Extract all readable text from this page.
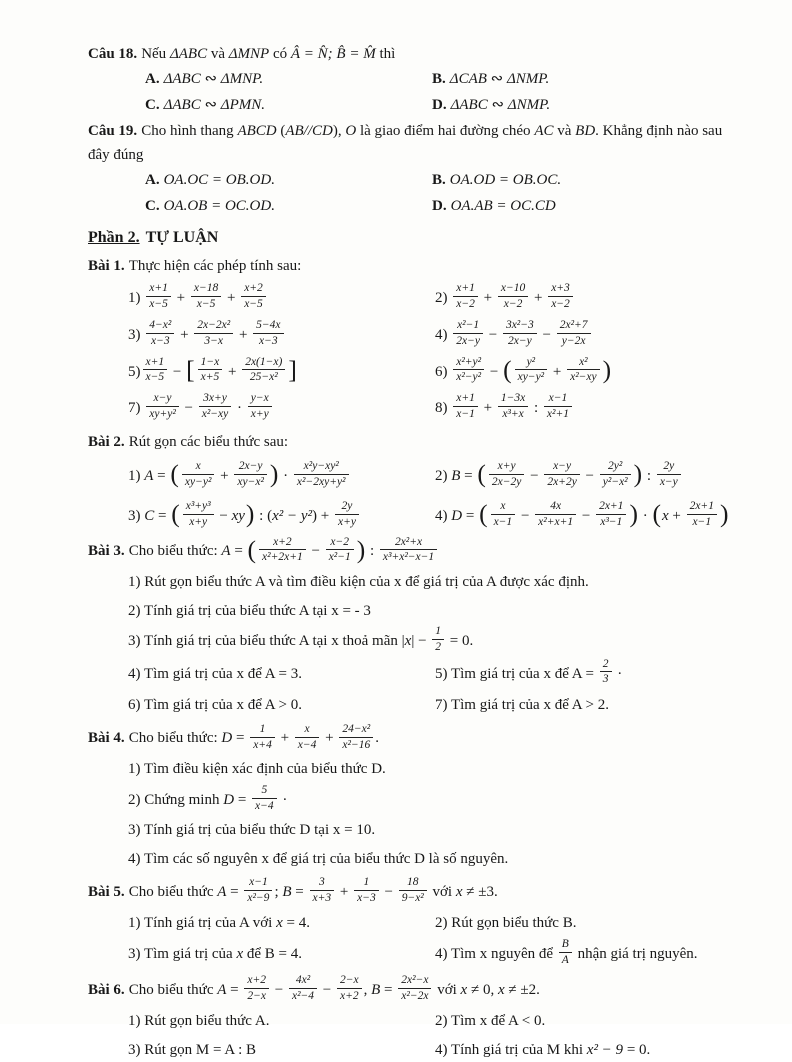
Câu 18. Nếu ΔABC và ΔMNP có Â = N̂; B̂ = M̂ thì

A. ΔABC ∾ ΔMNP.	B. ΔCAB ∾ ΔNMP.

C. ΔABC ∾ ΔPMN.	D. ΔABC ∾ ΔNMP.

Câu 19. Cho hình thang ABCD (AB//CD), O là giao điểm hai đường chéo AC và BD. Khẳng định nào sau đây đúng

A. OA.OC = OB.OD.	B. OA.OD = OB.OC.

C. OA.OB = OC.OD.	D. OA.AB = OC.CD

Phần 2. TỰ LUẬN

Bài 1. Thực hiện các phép tính sau:

$1) \frac{x+1}{x-5} + \frac{x-18}{x-5} + \frac{x+2}{x-5}$	$2) \frac{x+1}{x-2} + \frac{x-10}{x-2} + \frac{x+3}{x-2}$

$3) \frac{\text{4−x²}}{x-3} + \frac{\text{2x−2x²}}{3-x} + \frac{5-4x}{x-3}$	$4) \frac{\text{x²−1}}{2x-y} - \frac{\text{3x²−3}}{2x-y} - \frac{\text{2x²+7}}{y-2x}$

$5) \frac{x+1}{x-5}$ − [ $\frac{1-x}{x+5} + \frac{2x(1-x)}{\text{25−x²}}$ ]	$6) \frac{\text{x²+y²}}{\text{x²−y²}}$ − ( $\frac{\text{y²}}{\text{xy−y²}} + \frac{\text{x²}}{\text{x²−xy}}$ )

$7) \frac{x-y}{\text{xy+y²}} - \frac{3x+y}{\text{x²−xy}} \cdot \frac{y-x}{x+y}$	$8) \frac{x+1}{x-1} + \frac{1-3x}{\text{x³+x}}$ : $\frac{x-1}{\text{x²+1}}$

Bài 2. Rút gọn các biểu thức sau:

1) A = ( $\frac{x}{\text{xy−y²}} + \frac{2x-y}{\text{xy−x²}}$ ) · $\frac{\text{x²y−xy²}}{\text{x²−2xy+y²}}$	2) B = ( $\frac{x+y}{2x-2y} - \frac{x-y}{2x+2y} - \frac{\text{2y²}}{\text{y²−x²}}$ ) : $\frac{2y}{x-y}$

3) C = ( $\frac{\text{x³+y³}}{x+y} - xy$) : $(x^2 - y^2) + \frac{2y}{x+y}$	4) D = ( $\frac{x}{x-1} - \frac{4x}{\text{x²+x+1}} - \frac{2x+1}{\text{x³−1}}$ ) · ($x + \frac{2x+1}{x-1}$ )

Bài 3. Cho biểu thức: A = ( $\frac{x+2}{\text{x²+2x+1}} - \frac{x-2}{\text{x²−1}}$ ) : $\frac{\text{2x²+x}}{\text{x³+x²−x−1}}$

1) Rút gọn biểu thức A và tìm điều kiện của x để giá trị của A được xác định.

2) Tính giá trị của biểu thức A tại x = - 3

3) Tính giá trị của biểu thức A tại x thoả mãn $|x| - \frac{1}{2} = 0$.

4) Tìm giá trị của x để A = 3.	5) Tìm giá trị của x để $A = \frac{2}{3}$ ·

6) Tìm giá trị của x để A > 0.	7) Tìm giá trị của x để A > 2.

Bài 4. Cho biểu thức: $D = \frac{1}{x+4} + \frac{x}{x-4} + \frac{\text{24−x²}}{\text{x²−16}}$ .

1) Tìm điều kiện xác định của biểu thức D.

2) Chứng minh $D = \frac{5}{x-4}$ ·

3) Tính giá trị của biểu thức D tại x = 10.

4) Tìm các số nguyên x để giá trị của biểu thức D là số nguyên.

Bài 5. Cho biểu thức $A = \frac{x-1}{\text{x²−9}}$ ; $B = \frac{3}{x+3} + \frac{1}{x-3} - \frac{18}{\text{9−x²}}$ với x ≠ ±3.

1) Tính giá trị của A với x = 4.	2) Rút gọn biểu thức B.

3) Tìm giá trị của x để B = 4.	4) Tìm x nguyên để $\frac{B}{A}$ nhận giá trị nguyên.

Bài 6. Cho biểu thức $A = \frac{x+2}{2-x} - \frac{\text{4x²}}{\text{x²−4}} - \frac{2-x}{x+2}$ , $B = \frac{\text{2x²−x}}{\text{x²−2x}}$ với x ≠ 0, x ≠ ±2.

1) Rút gọn biểu thức A.	2) Tìm x để A < 0.

3) Rút gọn M = A : B	4) Tính giá trị của M khi x² − 9 = 0.
